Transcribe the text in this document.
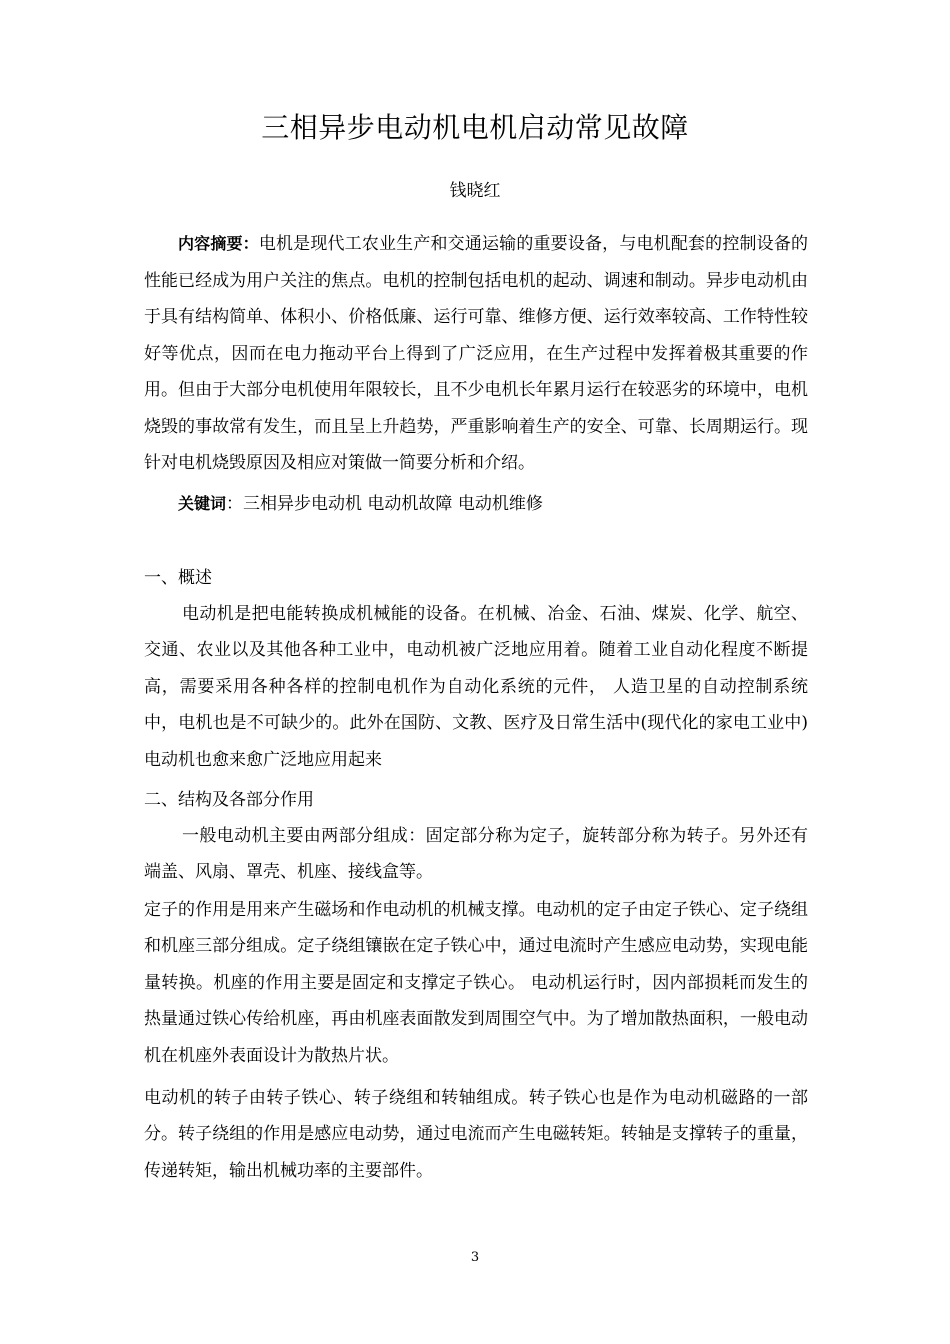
三相异步电动机电机启动常见故障
钱晓红
内容摘要：电机是现代工农业生产和交通运输的重要设备，与电机配套的控制设备的性能已经成为用户关注的焦点。电机的控制包括电机的起动、调速和制动。异步电动机由于具有结构简单、体积小、价格低廉、运行可靠、维修方便、运行效率较高、工作特性较好等优点，因而在电力拖动平台上得到了广泛应用，在生产过程中发挥着极其重要的作用。但由于大部分电机使用年限较长，且不少电机长年累月运行在较恶劣的环境中，电机烧毁的事故常有发生，而且呈上升趋势，严重影响着生产的安全、可靠、长周期运行。现针对电机烧毁原因及相应对策做一简要分析和介绍。
关键词：三相异步电动机 电动机故障 电动机维修
一、概述
电动机是把电能转换成机械能的设备。在机械、冶金、石油、煤炭、化学、航空、交通、农业以及其他各种工业中，电动机被广泛地应用着。随着工业自动化程度不断提高，需要采用各种各样的控制电机作为自动化系统的元件， 人造卫星的自动控制系统中，电机也是不可缺少的。此外在国防、文教、医疗及日常生活中(现代化的家电工业中)电动机也愈来愈广泛地应用起来
二、结构及各部分作用
一般电动机主要由两部分组成：固定部分称为定子，旋转部分称为转子。另外还有端盖、风扇、罩壳、机座、接线盒等。
定子的作用是用来产生磁场和作电动机的机械支撑。电动机的定子由定子铁心、定子绕组和机座三部分组成。定子绕组镶嵌在定子铁心中，通过电流时产生感应电动势，实现电能量转换。机座的作用主要是固定和支撑定子铁心。 电动机运行时，因内部损耗而发生的热量通过铁心传给机座，再由机座表面散发到周围空气中。为了增加散热面积，一般电动机在机座外表面设计为散热片状。
电动机的转子由转子铁心、转子绕组和转轴组成。转子铁心也是作为电动机磁路的一部分。转子绕组的作用是感应电动势，通过电流而产生电磁转矩。转轴是支撑转子的重量，传递转矩，输出机械功率的主要部件。
3
